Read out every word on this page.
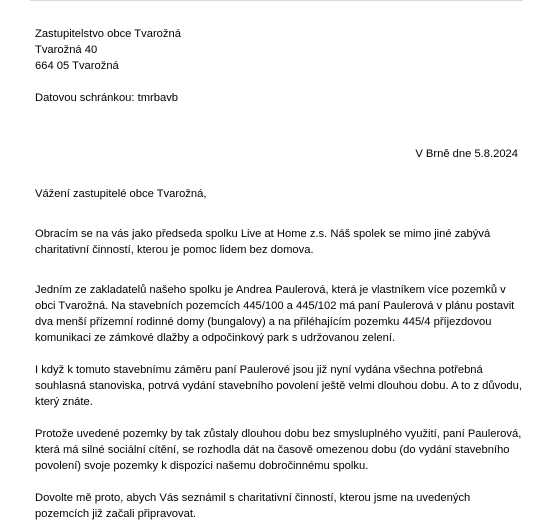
Zastupitelstvo obce Tvarožná
Tvarožná 40
664 05 Tvarožná
Datovou schránkou: tmrbavb
V Brně dne 5.8.2024
Vážení zastupitelé obce Tvarožná,
Obracím se na vás jako předseda spolku Live at Home z.s. Náš spolek se mimo jiné zabývá charitativní činností, kterou je pomoc lidem bez domova.
Jedním ze zakladatelů našeho spolku je Andrea Paulerová, která je vlastníkem více pozemků v obci Tvarožná. Na stavebních pozemcích 445/100 a 445/102 má paní Paulerová v plánu postavit dva menší přízemní rodinné domy (bungalovy) a na přiléhajícím pozemku 445/4 příjezdovou komunikaci ze zámkové dlažby a odpočinkový park s udržovanou zelení.
I když k tomuto stavebnímu záměru paní Paulerové jsou již nyní vydána všechna potřebná souhlasná stanoviska, potrvá vydání stavebního povolení ještě velmi dlouhou dobu. A to z důvodu, který znáte.
Protože uvedené pozemky by tak zůstaly dlouhou dobu bez smysluplného využití, paní Paulerová, která má silné sociální cítění, se rozhodla dát na časově omezenou dobu (do vydání stavebního povolení) svoje pozemky k dispozici našemu dobročinnému spolku.
Dovolte mě proto, abych Vás seznámil s charitativní činností, kterou jsme na uvedených pozemcích již začali připravovat.
